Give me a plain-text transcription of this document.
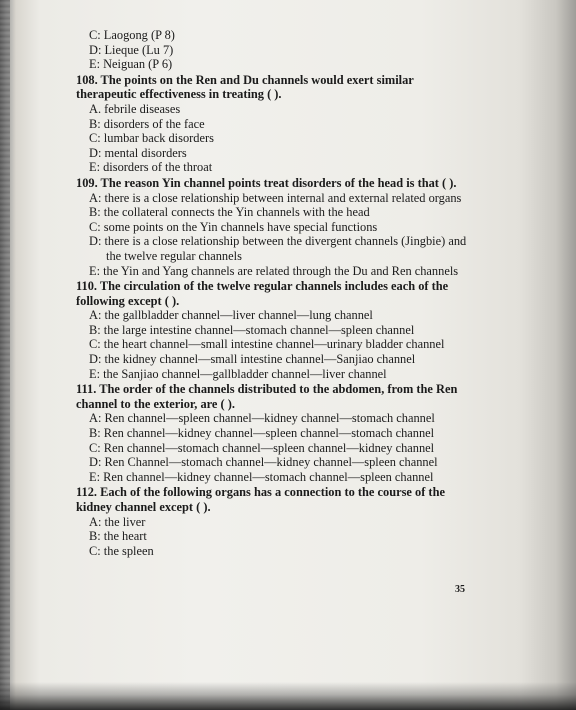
C: Laogong (P 8)
D: Lieque (Lu 7)
E: Neiguan (P 6)
108. The points on the Ren and Du channels would exert similar therapeutic effectiveness in treating ( ).
A. febrile diseases
B: disorders of the face
C: lumbar back disorders
D: mental disorders
E: disorders of the throat
109. The reason Yin channel points treat disorders of the head is that ( ).
A: there is a close relationship between internal and external related organs
B: the collateral connects the Yin channels with the head
C: some points on the Yin channels have special functions
D: there is a close relationship between the divergent channels (Jingbie) and the twelve regular channels
E: the Yin and Yang channels are related through the Du and Ren channels
110. The circulation of the twelve regular channels includes each of the following except ( ).
A: the gallbladder channel—liver channel—lung channel
B: the large intestine channel—stomach channel—spleen channel
C: the heart channel—small intestine channel—urinary bladder channel
D: the kidney channel—small intestine channel—Sanjiao channel
E: the Sanjiao channel—gallbladder channel—liver channel
111. The order of the channels distributed to the abdomen, from the Ren channel to the exterior, are ( ).
A: Ren channel—spleen channel—kidney channel—stomach channel
B: Ren channel—kidney channel—spleen channel—stomach channel
C: Ren channel—stomach channel—spleen channel—kidney channel
D: Ren Channel—stomach channel—kidney channel—spleen channel
E: Ren channel—kidney channel—stomach channel—spleen channel
112. Each of the following organs has a connection to the course of the kidney channel except ( ).
A: the liver
B: the heart
C: the spleen
35
